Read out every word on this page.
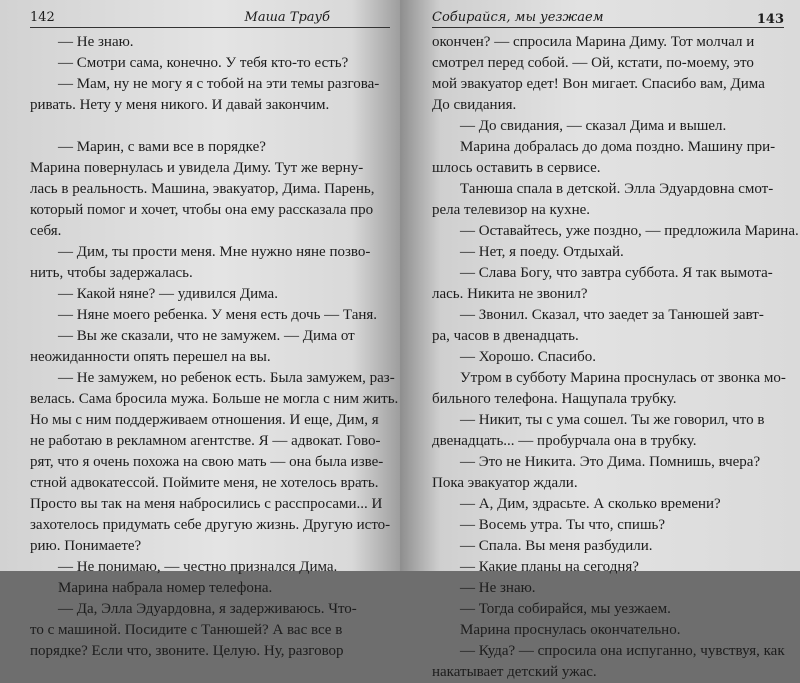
142	Маша Трауб
— Не знаю.
— Смотри сама, конечно. У тебя кто-то есть?
— Мам, ну не могу я с тобой на эти темы разгова-
ривать. Нету у меня никого. И давай закончим.
— Марин, с вами все в порядке?
Марина повернулась и увидела Диму. Тут же верну-
лась в реальность. Машина, эвакуатор, Дима. Парень,
который помог и хочет, чтобы она ему рассказала про
себя.
— Дим, ты прости меня. Мне нужно няне позво-
нить, чтобы задержалась.
— Какой няне? — удивился Дима.
— Няне моего ребенка. У меня есть дочь — Таня.
— Вы же сказали, что не замужем. — Дима от
неожиданности опять перешел на вы.
— Не замужем, но ребенок есть. Была замужем, раз-
велась. Сама бросила мужа. Больше не могла с ним жить.
Но мы с ним поддерживаем отношения. И еще, Дим, я
не работаю в рекламном агентстве. Я — адвокат. Гово-
рят, что я очень похожа на свою мать — она была изве-
стной адвокатессой. Поймите меня, не хотелось врать.
Просто вы так на меня набросились с расспросами... И
захотелось придумать себе другую жизнь. Другую исто-
рию. Понимаете?
— Не понимаю, — честно признался Дима.
Марина набрала номер телефона.
— Да, Элла Эдуардовна, я задерживаюсь. Что-
то с машиной. Посидите с Танюшей? А вас все в
порядке? Если что, звоните. Целую. Ну, разговор
Собирайся, мы уезжаем	143
окончен? — спросила Марина Диму. Тот молчал и
смотрел перед собой. — Ой, кстати, по-моему, это
мой эвакуатор едет! Вон мигает. Спасибо вам, Дима
До свидания.
— До свидания, — сказал Дима и вышел.
Марина добралась до дома поздно. Машину при-
шлось оставить в сервисе.
Танюша спала в детской. Элла Эдуардовна смот-
рела телевизор на кухне.
— Оставайтесь, уже поздно, — предложила Марина.
— Нет, я поеду. Отдыхай.
— Слава Богу, что завтра суббота. Я так вымота-
лась. Никита не звонил?
— Звонил. Сказал, что заедет за Танюшей завт-
ра, часов в двенадцать.
— Хорошо. Спасибо.
Утром в субботу Марина проснулась от звонка мо-
бильного телефона. Нащупала трубку.
— Никит, ты с ума сошел. Ты же говорил, что в
двенадцать... — пробурчала она в трубку.
— Это не Никита. Это Дима. Помнишь, вчера?
Пока эвакуатор ждали.
— А, Дим, здрасьте. А сколько времени?
— Восемь утра. Ты что, спишь?
— Спала. Вы меня разбудили.
— Какие планы на сегодня?
— Не знаю.
— Тогда собирайся, мы уезжаем.
Марина проснулась окончательно.
— Куда? — спросила она испуганно, чувствуя, как
накатывает детский ужас.
